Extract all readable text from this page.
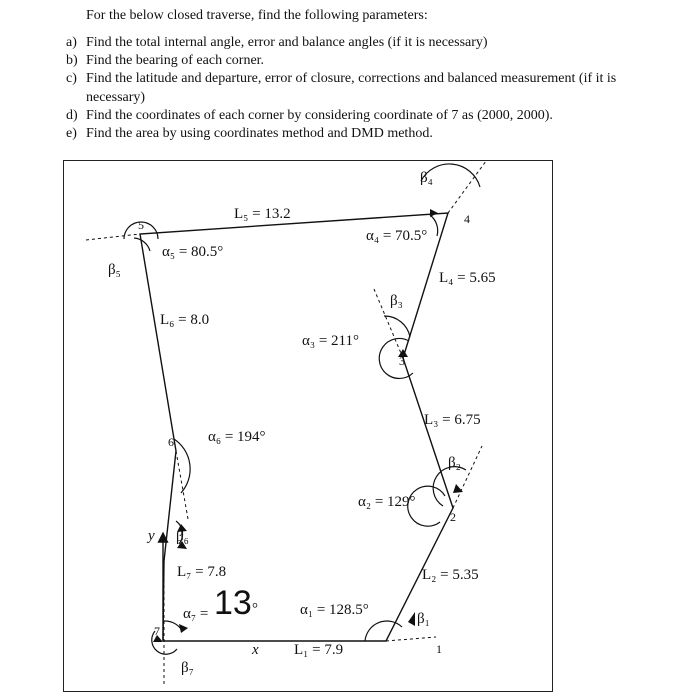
For the below closed traverse, find the following parameters:
a) Find the total internal angle, error and balance angles (if it is necessary)
b) Find the bearing of each corner.
c) Find the latitude and departure, error of closure, corrections and balanced measurement (if it is necessary)
d) Find the coordinates of each corner by considering coordinate of 7 as (2000, 2000).
e) Find the area by using coordinates method and DMD method.
1
2
3
4
5
6
7
L₁ = 7.9
L₂ = 5.35
L₃ = 6.75
L₄ = 5.65
L₅ = 13.2
L₆ = 8.0
L₇ = 7.8
α₁ = 128.5°
α₂ = 129°
α₃ = 211°
α₄ = 70.5°
α₅ = 80.5°
α₆ = 194°
α₇ =	β₁
β₂
β₃
β₄
β₅
β₆
β₇
y
x
13 °
